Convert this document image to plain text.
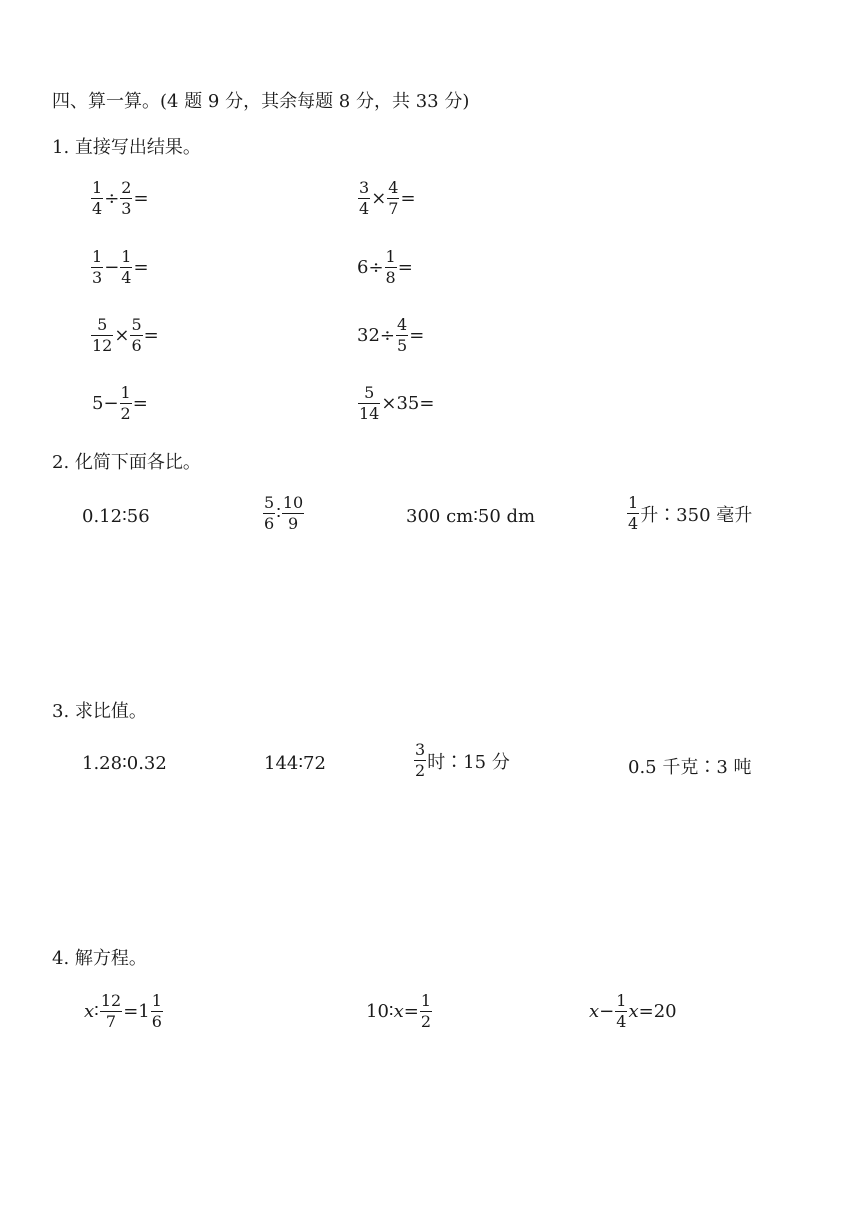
四、算一算。(4 题 9 分，其余每题 8 分，共 33 分)
1. 直接写出结果。
$\frac{1}{4} \div \frac{2}{3}$ =	$\frac{3}{4} \times \frac{4}{7}$ =
$\frac{1}{3} - \frac{1}{4}$ =	$6 \div \frac{1}{8}$ =
$\frac{5}{12} \times \frac{5}{6}$ =	$32 \div \frac{4}{5}$ =
$5 - \frac{1}{2}$ =	$\frac{5}{14} \times 35$ =
2. 化简下面各比。
0.12∶56	$\frac{5}{6}$ ∶ $\frac{10}{9}$	300 cm∶50 dm	$\frac{1}{4}$ 升∶350 毫升
3. 求比值。
1.28∶0.32	144∶72	$\frac{3}{2}$ 时∶15 分	0.5 千克∶3 吨
4. 解方程。
x ∶ $\frac{12}{7} = 1 \frac{1}{6}$	10∶ $x = \frac{1}{2}$	$x - \frac{1}{4}$ x = 20
